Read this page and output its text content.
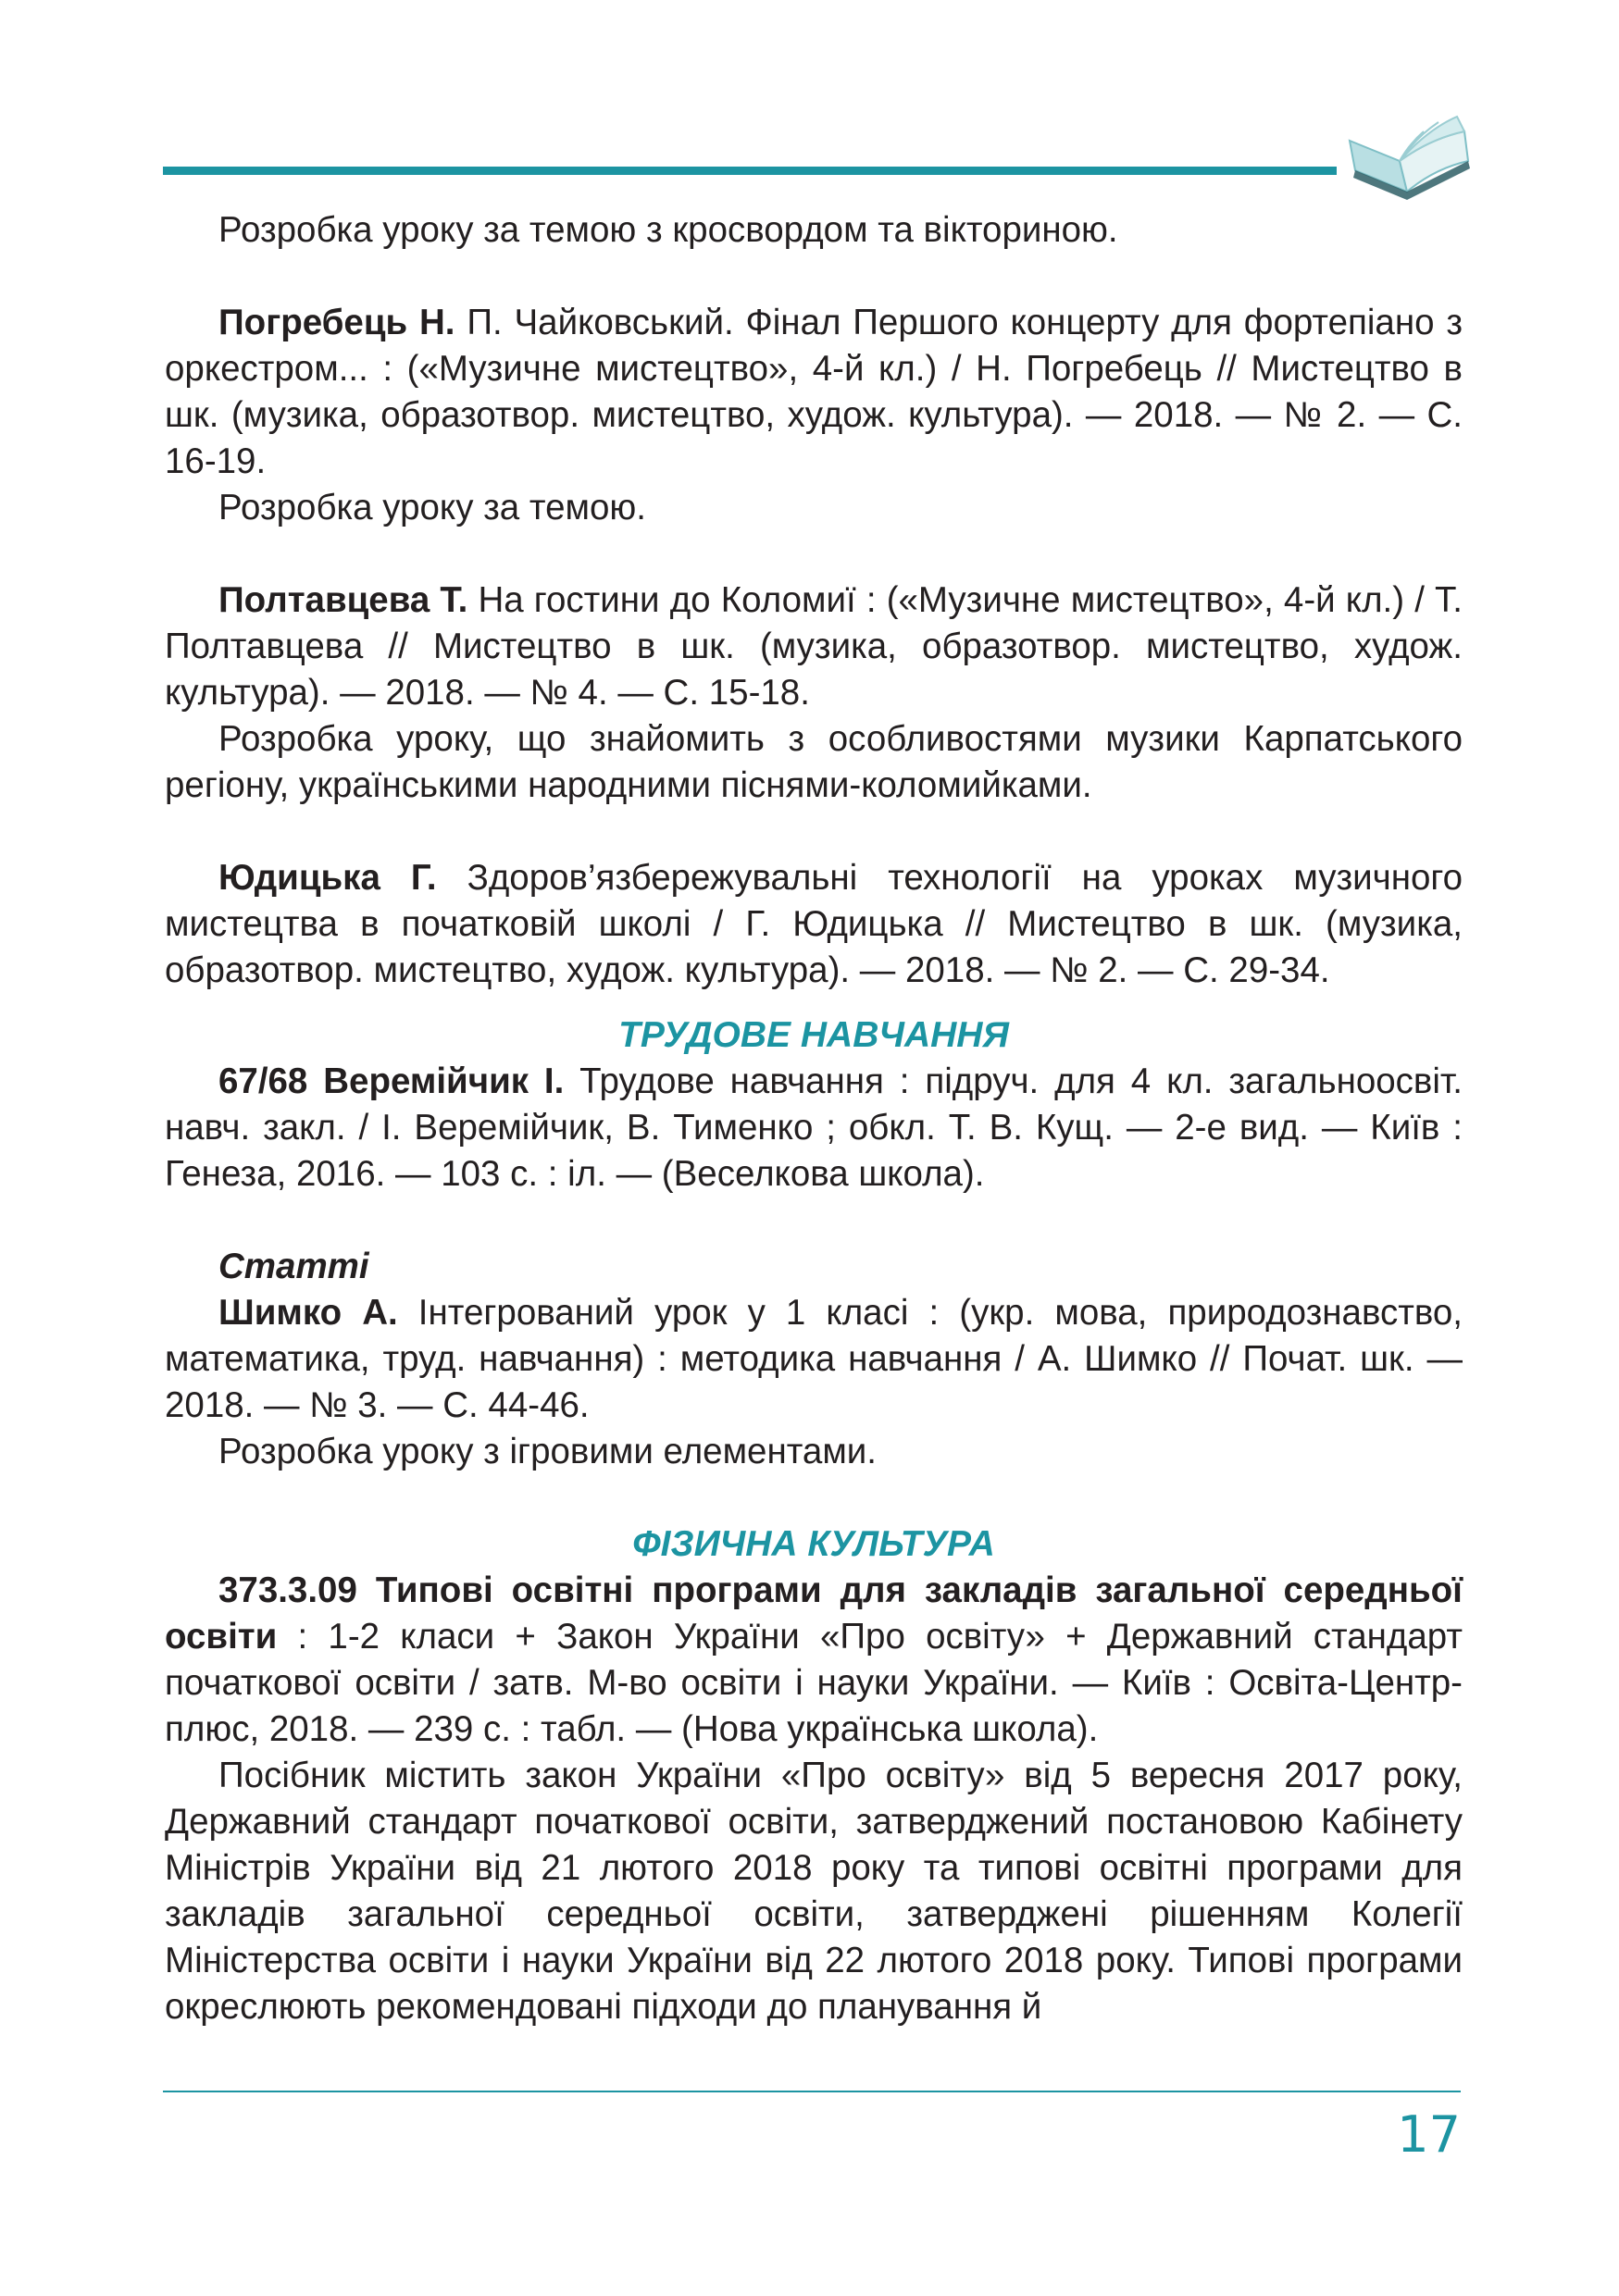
Розробка уроку за темою з кросвордом та вікториною.

Погребець Н. П. Чайковський. Фінал Першого концерту для фортепіано з оркестром... : («Музичне мистецтво», 4-й кл.) / Н. Погребець // Мистецтво в шк. (музика, образотвор. мистецтво, худож. культура). — 2018. — № 2. — С. 16-19.

Розробка уроку за темою.

Полтавцева Т. На гостини до Коломиї : («Музичне мистецтво», 4-й кл.) / Т. Полтавцева // Мистецтво в шк. (музика, образотвор. мистецтво, худож. культура). — 2018. — № 4. — С. 15-18.

Розробка уроку, що знайомить з особливостями музики Карпатського регіону, українськими народними піснями-коломийками.

Юдицька Г. Здоров’язбережувальні технології на уроках музичного мистецтва в початковій школі / Г. Юдицька // Мистецтво в шк. (музика, образотвор. мистецтво, худож. культура). — 2018. — № 2. — С. 29-34.

ТРУДОВЕ НАВЧАННЯ

67/68 Веремійчик І. Трудове навчання : підруч. для 4 кл. загальноосвіт. навч. закл. / І. Веремійчик, В. Тименко ; обкл. Т. В. Кущ. — 2-е вид. — Київ : Генеза, 2016. — 103 с. : іл. — (Веселкова школа).

Статті

Шимко А. Інтегрований урок у 1 класі : (укр. мова, природознавство, математика, труд. навчання) : методика навчання / А. Шимко // Почат. шк. — 2018. — № 3. — С. 44-46.

Розробка уроку з ігровими елементами.

ФІЗИЧНА КУЛЬТУРА

373.3.09 Типові освітні програми для закладів загальної середньої освіти : 1-2 класи + Закон України «Про освіту» + Державний стандарт початкової освіти / затв. М-во освіти і науки України. — Київ : Освіта-Центр-плюс, 2018. — 239 с. : табл. — (Нова українська школа).

Посібник містить закон України «Про освіту» від 5 вересня 2017 року, Державний стандарт початкової освіти, затверджений постановою Кабінету Міністрів України від 21 лютого 2018 року та типові освітні програми для закладів загальної середньої освіти, затверджені рішенням Колегії Міністерства освіти і науки України від 22 лютого 2018 року. Типові програми окреслюють рекомендовані підходи до планування й

17
